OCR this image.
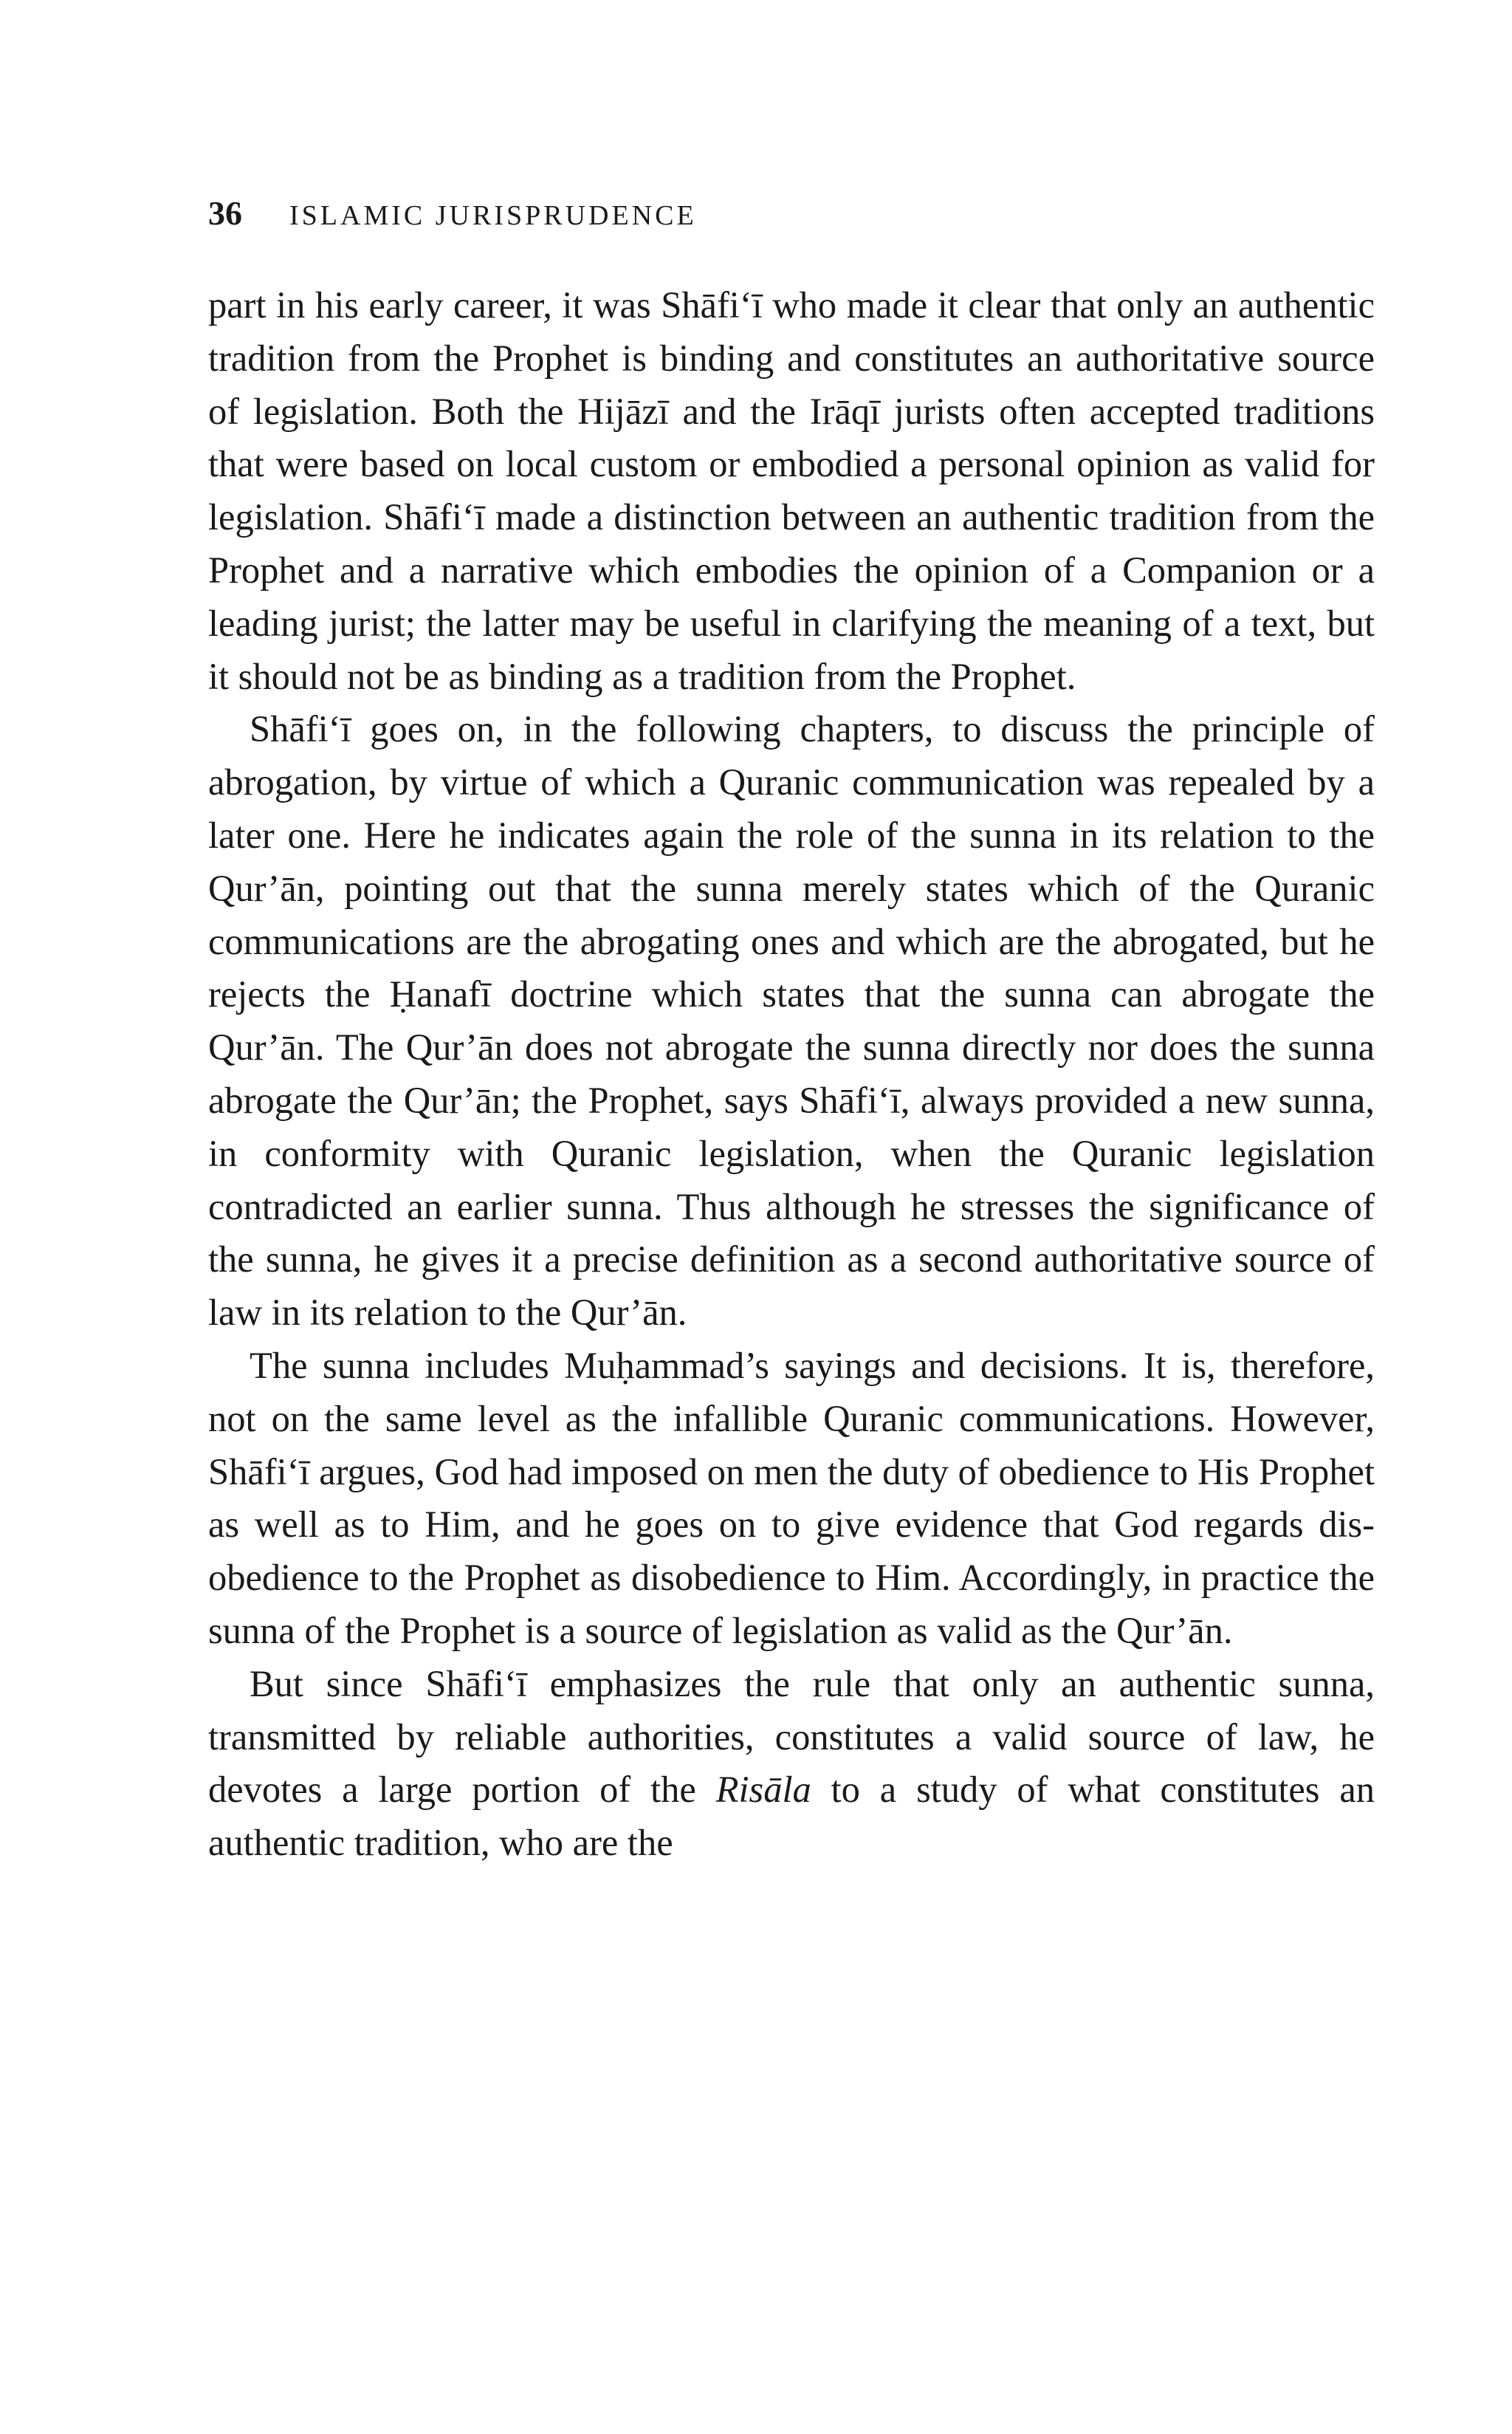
36	ISLAMIC JURISPRUDENCE

part in his early career, it was Shāfi‘ī who made it clear that only an authentic tradition from the Prophet is binding and constitutes an authoritative source of legislation. Both the Hijāzī and the Irāqī jurists often accepted traditions that were based on local custom or embodied a personal opinion as valid for legislation. Shāfi‘ī made a distinction between an authentic tradition from the Prophet and a narrative which embodies the opinion of a Companion or a leading jurist; the latter may be useful in clarifying the meaning of a text, but it should not be as binding as a tradition from the Prophet.

Shāfi‘ī goes on, in the following chapters, to discuss the principle of abrogation, by virtue of which a Quranic communication was repealed by a later one. Here he indicates again the role of the sunna in its relation to the Qur’ān, pointing out that the sunna merely states which of the Quranic communications are the abrogating ones and which are the abrogated, but he rejects the Ḥanafī doctrine which states that the sunna can abrogate the Qur’ān. The Qur’ān does not abrogate the sunna directly nor does the sunna abrogate the Qur’ān; the Prophet, says Shāfi‘ī, always provided a new sunna, in conformity with Quranic legislation, when the Quranic legislation contradicted an earlier sunna. Thus although he stresses the significance of the sunna, he gives it a precise definition as a second authoritative source of law in its relation to the Qur’ān.

The sunna includes Muḥammad’s sayings and decisions. It is, therefore, not on the same level as the infallible Quranic communications. However, Shāfi‘ī argues, God had imposed on men the duty of obedience to His Prophet as well as to Him, and he goes on to give evidence that God regards disobedience to the Prophet as disobedience to Him. Accordingly, in practice the sunna of the Prophet is a source of legislation as valid as the Qur’ān.

But since Shāfi‘ī emphasizes the rule that only an authentic sunna, transmitted by reliable authorities, constitutes a valid source of law, he devotes a large portion of the Risāla to a study of what constitutes an authentic tradition, who are the
